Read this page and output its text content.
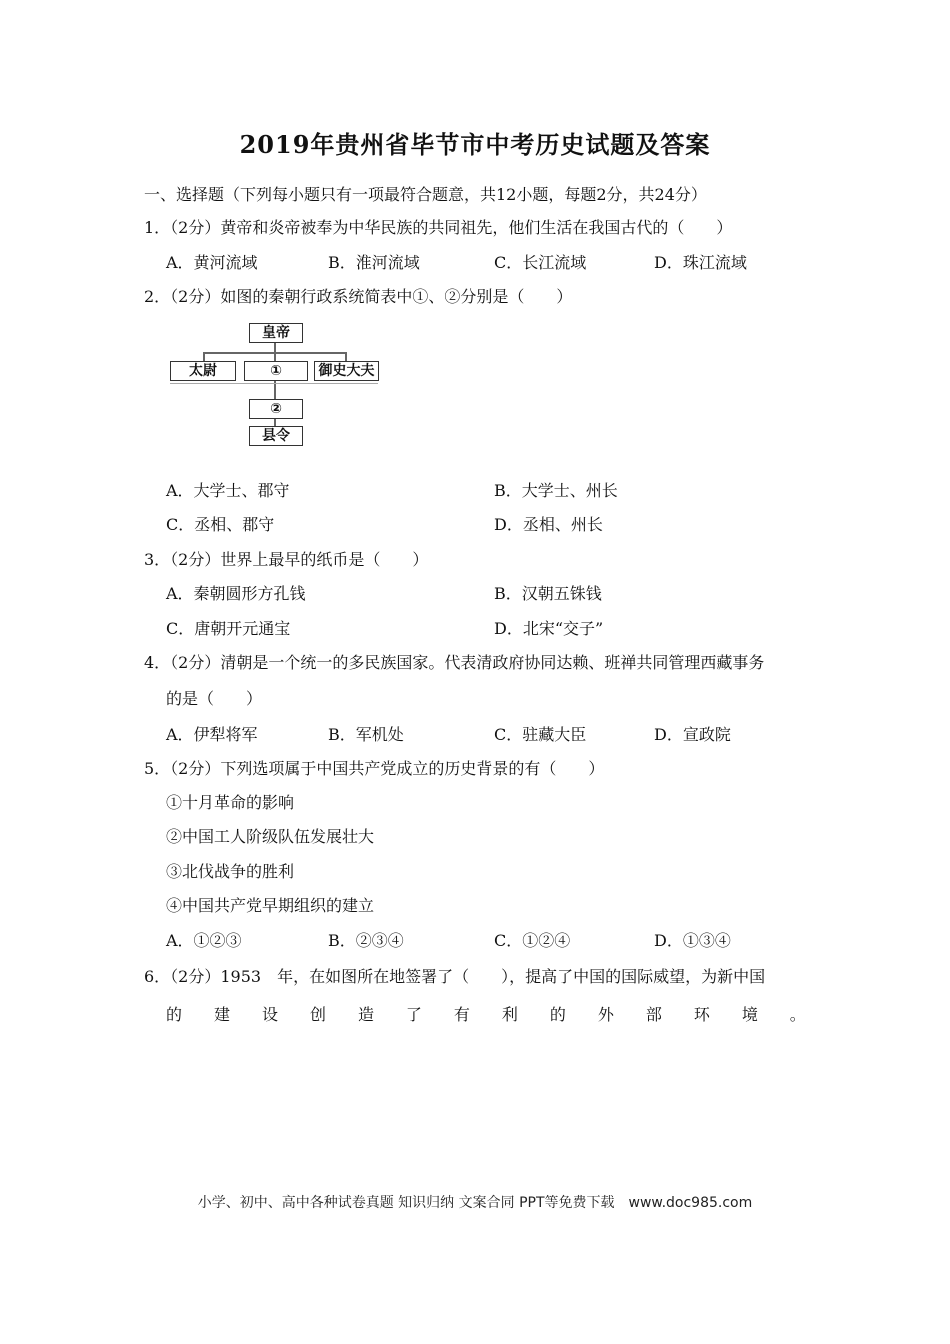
2019年贵州省毕节市中考历史试题及答案
一、选择题（下列每小题只有一项最符合题意，共12小题，每题2分，共24分）
1．（2分）黄帝和炎帝被奉为中华民族的共同祖先，他们生活在我国古代的（　　）
A．黄河流域	B．淮河流域	C．长江流域	D．珠江流域
2．（2分）如图的秦朝行政系统简表中①、②分别是（　　）
皇帝
太尉	①	御史大夫
②
县令
A．大学士、郡守	B．大学士、州长
C．丞相、郡守	D．丞相、州长
3．（2分）世界上最早的纸币是（　　）
A．秦朝圆形方孔钱	B．汉朝五铢钱
C．唐朝开元通宝	D．北宋“交子”
4．（2分）清朝是一个统一的多民族国家。代表清政府协同达赖、班禅共同管理西藏事务
的是（　　）
A．伊犁将军	B．军机处	C．驻藏大臣	D．宣政院
5．（2分）下列选项属于中国共产党成立的历史背景的有（　　）
①十月革命的影响
②中国工人阶级队伍发展壮大
③北伐战争的胜利
④中国共产党早期组织的建立
A．①②③	B．②③④	C．①②④	D．①③④
6．（2分）1953　年，在如图所在地签署了（　　），提高了中国的国际威望，为新中国
的 建 设 创 造 了 有 利 的 外 部 环 境 。
小学、初中、高中各种试卷真题 知识归纳 文案合同 PPT等免费下载　www.doc985.com
